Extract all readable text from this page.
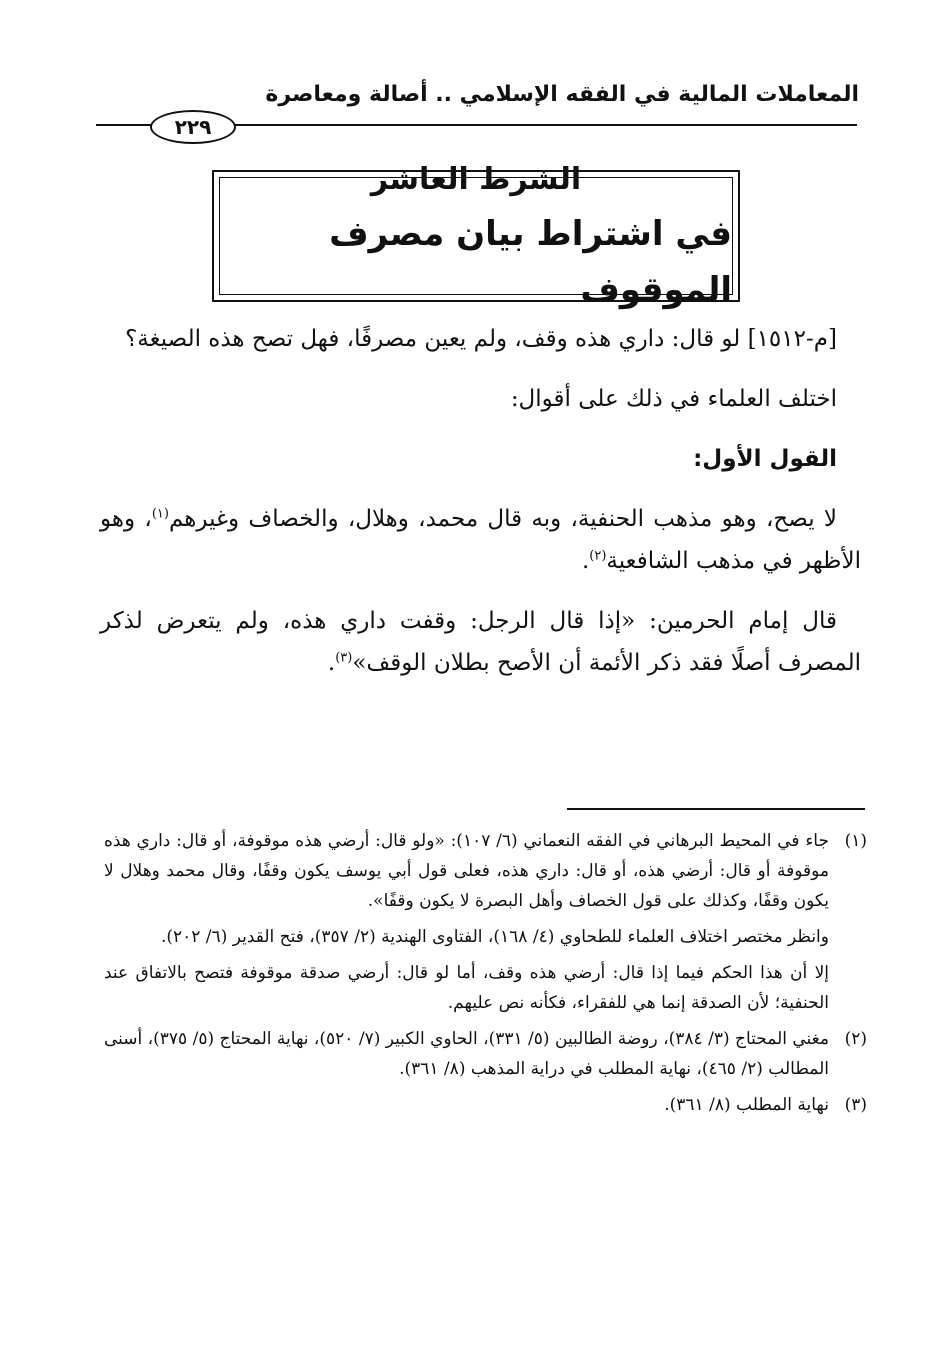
المعاملات المالية في الفقه الإسلامي .. أصالة ومعاصرة
٢٢٩
الشرط العاشر
في اشتراط بيان مصرف الموقوف

[م-١٥١٢] لو قال: داري هذه وقف، ولم يعين مصرفًا، فهل تصح هذه الصيغة؟

اختلف العلماء في ذلك على أقوال:

القول الأول:

لا يصح، وهو مذهب الحنفية، وبه قال محمد، وهلال، والخصاف وغيرهم$^{(١)}$، وهو الأظهر في مذهب الشافعية$^{(٢)}$.

قال إمام الحرمين: «إذا قال الرجل: وقفت داري هذه، ولم يتعرض لذكر المصرف أصلًا فقد ذكر الأئمة أن الأصح بطلان الوقف»$^{(٣)}$.

(١)
جاء في المحيط البرهاني في الفقه النعماني (٦/ ١٠٧): «ولو قال: أرضي هذه موقوفة، أو قال: داري هذه موقوفة أو قال: أرضي هذه، أو قال: داري هذه، فعلى قول أبي يوسف يكون وقفًا، وقال محمد وهلال لا يكون وقفًا، وكذلك على قول الخصاف وأهل البصرة لا يكون وقفًا».
وانظر مختصر اختلاف العلماء للطحاوي (٤/ ١٦٨)، الفتاوى الهندية (٢/ ٣٥٧)، فتح القدير (٦/ ٢٠٢).
إلا أن هذا الحكم فيما إذا قال: أرضي هذه وقف، أما لو قال: أرضي صدقة موقوفة فتصح بالاتفاق عند الحنفية؛ لأن الصدقة إنما هي للفقراء، فكأنه نص عليهم.
(٢)
مغني المحتاج (٣/ ٣٨٤)، روضة الطالبين (٥/ ٣٣١)، الحاوي الكبير (٧/ ٥٢٠)، نهاية المحتاج (٥/ ٣٧٥)، أسنى المطالب (٢/ ٤٦٥)، نهاية المطلب في دراية المذهب (٨/ ٣٦١).
(٣)
نهاية المطلب (٨/ ٣٦١).
